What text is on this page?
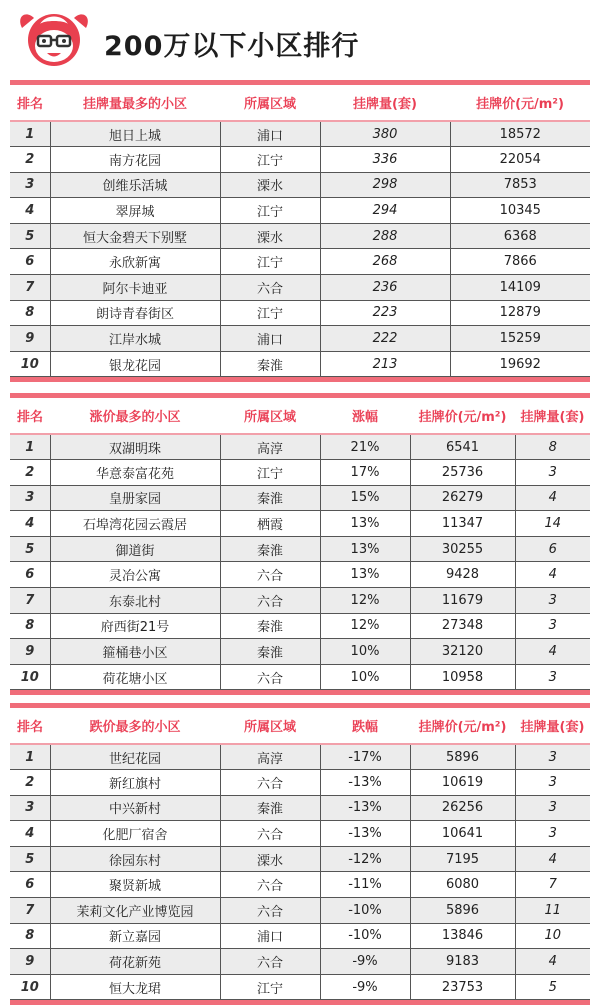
200万以下小区排行
排名	挂牌量最多的小区	所属区域	挂牌量(套)	挂牌价(元/m²)
1	旭日上城	浦口	380	18572
2	南方花园	江宁	336	22054
3	创维乐活城	溧水	298	7853
4	翠屏城	江宁	294	10345
5	恒大金碧天下别墅	溧水	288	6368
6	永欣新寓	江宁	268	7866
7	阿尔卡迪亚	六合	236	14109
8	朗诗青春街区	江宁	223	12879
9	江岸水城	浦口	222	15259
10	银龙花园	秦淮	213	19692
排名	涨价最多的小区	所属区域	涨幅	挂牌价(元/m²)	挂牌量(套)
1	双湖明珠	高淳	21%	6541	8
2	华意泰富花苑	江宁	17%	25736	3
3	皇册家园	秦淮	15%	26279	4
4	石埠湾花园云霞居	栖霞	13%	11347	14
5	御道街	秦淮	13%	30255	6
6	灵冶公寓	六合	13%	9428	4
7	东泰北村	六合	12%	11679	3
8	府西街21号	秦淮	12%	27348	3
9	箍桶巷小区	秦淮	10%	32120	4
10	荷花塘小区	六合	10%	10958	3
排名	跌价最多的小区	所属区域	跌幅	挂牌价(元/m²)	挂牌量(套)
1	世纪花园	高淳	-17%	5896	3
2	新红旗村	六合	-13%	10619	3
3	中兴新村	秦淮	-13%	26256	3
4	化肥厂宿舍	六合	-13%	10641	3
5	徐园东村	溧水	-12%	7195	4
6	聚贤新城	六合	-11%	6080	7
7	茉莉文化产业博览园	六合	-10%	5896	11
8	新立嘉园	浦口	-10%	13846	10
9	荷花新苑	六合	-9%	9183	4
10	恒大龙珺	江宁	-9%	23753	5
